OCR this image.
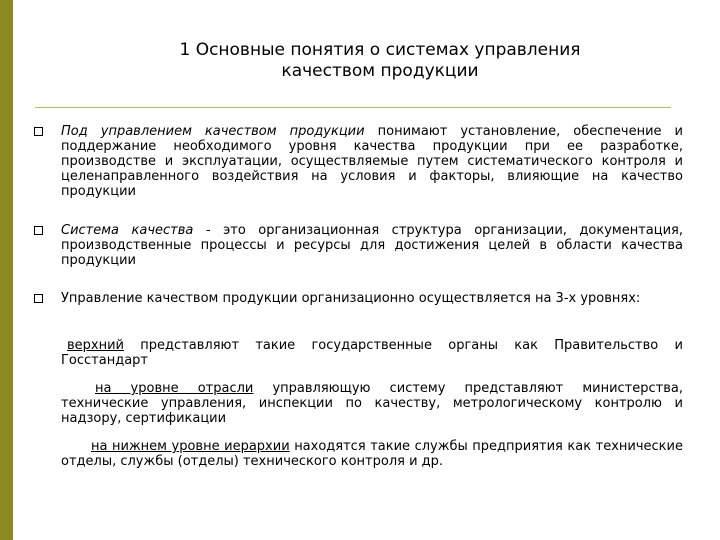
1 Основные понятия о системах управления
качеством продукции
Под управлением качеством продукции понимают установление, обеспечение и поддержание необходимого уровня качества продукции при ее разработке, производстве и эксплуатации, осуществляемые путем систематического контроля и целенаправленного воздействия на условия и факторы, влияющие на качество продукции
Система качества - это организационная структура организации, документация, производственные процессы и ресурсы для достижения целей в области качества продукции
Управление качеством продукции организационно осуществляется на 3-х уровнях:
верхний представляют такие государственные органы как Правительство и Госстандарт
на уровне отрасли управляющую систему представляют министерства, технические управления, инспекции по качеству, метрологическому контролю и надзору, сертификации
на нижнем уровне иерархии находятся такие службы предприятия как технические отделы, службы (отделы) технического контроля и др.
